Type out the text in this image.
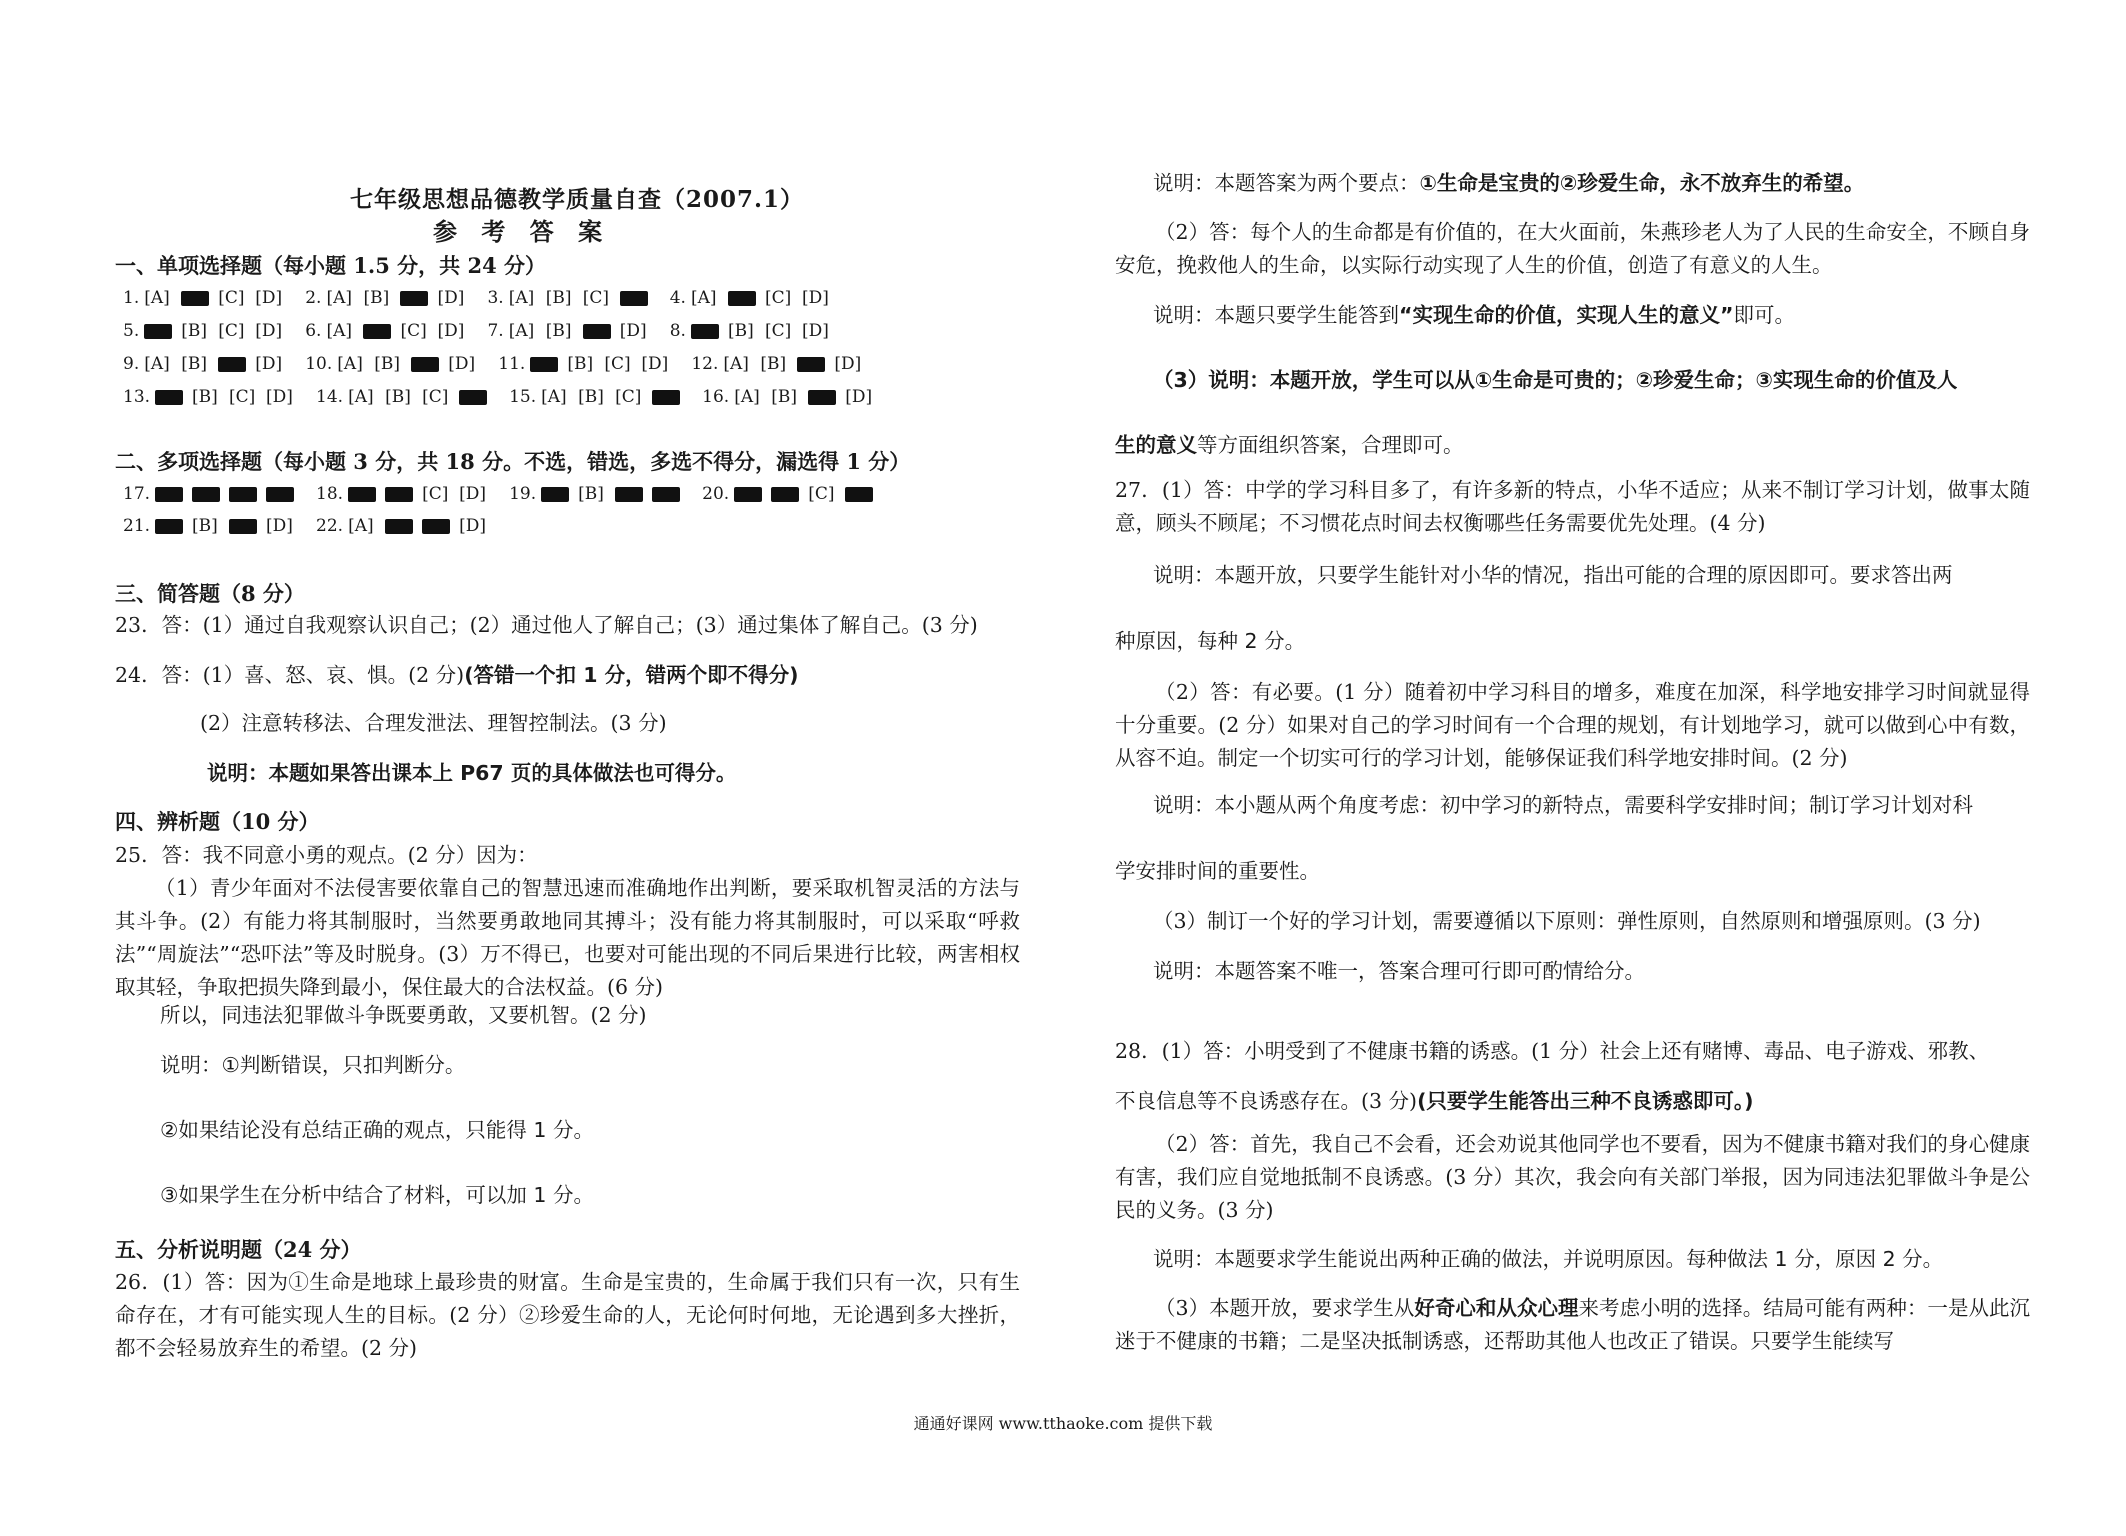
七年级思想品德教学质量自查（2007.1）
参 考 答 案
一、单项选择题（每小题 1.5 分，共 24 分）
1. [A]	[C] [D]	2. [A] [B]	[D]	3. [A] [B] [C]	4. [A]	[C] [D]
5. [B] [C] [D]	6. [A]	[C] [D]	7. [A] [B]	[D]	8. [B] [C] [D]
9. [A] [B]	[D]	10. [A] [B]	[D]	11. [B] [C] [D]	12. [A] [B]	[D]
13. [B] [C] [D]	14. [A] [B] [C]	15. [A] [B] [C]	16. [A] [B]	[D]
二、多项选择题（每小题 3 分，共 18 分。不选，错选，多选不得分，漏选得 1 分）
17.	18.	[C] [D]	19. [B]	20.	[C]
21. [B]	[D]	22. [A]	[D]
三、简答题（8 分）
23．答：(1）通过自我观察认识自己；(2）通过他人了解自己；(3）通过集体了解自己。(3 分)
24．答：(1）喜、怒、哀、惧。(2 分)(答错一个扣 1 分，错两个即不得分)
(2）注意转移法、合理发泄法、理智控制法。(3 分)
说明：本题如果答出课本上 P67 页的具体做法也可得分。
四、辨析题（10 分）
25．答：我不同意小勇的观点。(2 分）因为：
（1）青少年面对不法侵害要依靠自己的智慧迅速而准确地作出判断，要采取机智灵活的方法与其斗争。(2）有能力将其制服时，当然要勇敢地同其搏斗；没有能力将其制服时，可以采取“呼救法”“周旋法”“恐吓法”等及时脱身。(3）万不得已，也要对可能出现的不同后果进行比较，两害相权取其轻，争取把损失降到最小，保住最大的合法权益。(6 分)
所以，同违法犯罪做斗争既要勇敢，又要机智。(2 分)
说明：①判断错误，只扣判断分。
②如果结论没有总结正确的观点，只能得 1 分。
③如果学生在分析中结合了材料，可以加 1 分。
五、分析说明题（24 分）
26．(1）答：因为①生命是地球上最珍贵的财富。生命是宝贵的，生命属于我们只有一次，只有生命存在，才有可能实现人生的目标。(2 分）②珍爱生命的人，无论何时何地，无论遇到多大挫折，都不会轻易放弃生的希望。(2 分)
说明：本题答案为两个要点：①生命是宝贵的②珍爱生命，永不放弃生的希望。
（2）答：每个人的生命都是有价值的，在大火面前，朱燕珍老人为了人民的生命安全，不顾自身安危，挽救他人的生命，以实际行动实现了人生的价值，创造了有意义的人生。
说明：本题只要学生能答到“实现生命的价值，实现人生的意义”即可。
（3）说明：本题开放，学生可以从①生命是可贵的；②珍爱生命；③实现生命的价值及人
生的意义等方面组织答案，合理即可。
27．(1）答：中学的学习科目多了，有许多新的特点，小华不适应；从来不制订学习计划，做事太随意，顾头不顾尾；不习惯花点时间去权衡哪些任务需要优先处理。(4 分)
说明：本题开放，只要学生能针对小华的情况，指出可能的合理的原因即可。要求答出两
种原因，每种 2 分。
（2）答：有必要。(1 分）随着初中学习科目的增多，难度在加深，科学地安排学习时间就显得十分重要。(2 分）如果对自己的学习时间有一个合理的规划，有计划地学习，就可以做到心中有数，从容不迫。制定一个切实可行的学习计划，能够保证我们科学地安排时间。(2 分)
说明：本小题从两个角度考虑：初中学习的新特点，需要科学安排时间；制订学习计划对科
学安排时间的重要性。
（3）制订一个好的学习计划，需要遵循以下原则：弹性原则，自然原则和增强原则。(3 分)
说明：本题答案不唯一，答案合理可行即可酌情给分。
28．(1）答：小明受到了不健康书籍的诱惑。(1 分）社会上还有赌博、毒品、电子游戏、邪教、
不良信息等不良诱惑存在。(3 分)(只要学生能答出三种不良诱惑即可。)
（2）答：首先，我自己不会看，还会劝说其他同学也不要看，因为不健康书籍对我们的身心健康有害，我们应自觉地抵制不良诱惑。(3 分）其次，我会向有关部门举报，因为同违法犯罪做斗争是公民的义务。(3 分)
说明：本题要求学生能说出两种正确的做法，并说明原因。每种做法 1 分，原因 2 分。
（3）本题开放，要求学生从好奇心和从众心理来考虑小明的选择。结局可能有两种：一是从此沉迷于不健康的书籍；二是坚决抵制诱惑，还帮助其他人也改正了错误。只要学生能续写
通通好课网 www.tthaoke.com 提供下载
